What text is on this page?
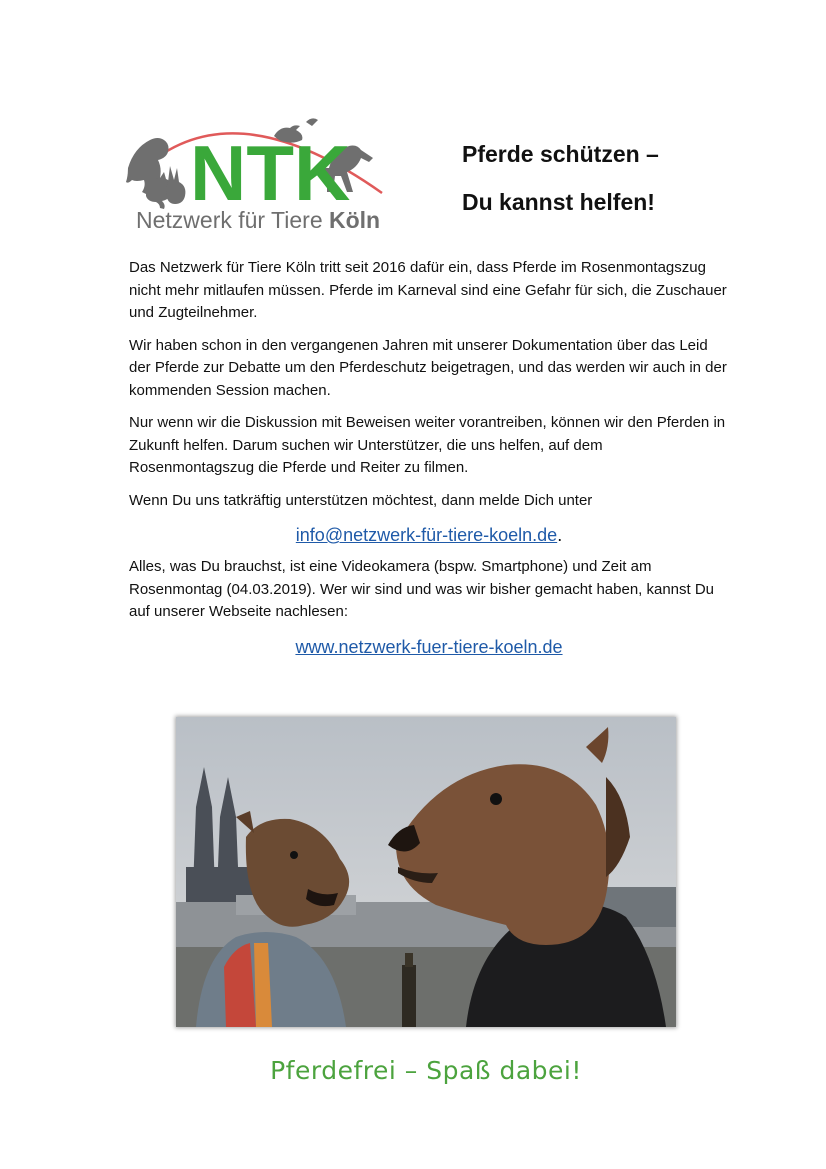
NTK
Netzwerk für Tiere Köln
Pferde schützen –
Du kannst helfen!

Das Netzwerk für Tiere Köln tritt seit 2016 dafür ein, dass Pferde im Rosenmontagszug nicht mehr mitlaufen müssen. Pferde im Karneval sind eine Gefahr für sich, die Zuschauer und Zugteilnehmer.

Wir haben schon in den vergangenen Jahren mit unserer Dokumentation über das Leid der Pferde zur Debatte um den Pferdeschutz beigetragen, und das werden wir auch in der kommenden Session machen.

Nur wenn wir die Diskussion mit Beweisen weiter vorantreiben, können wir den Pferden in Zukunft helfen. Darum suchen wir Unterstützer, die uns helfen, auf dem Rosenmontagszug die Pferde und Reiter zu filmen.

Wenn Du uns tatkräftig unterstützen möchtest, dann melde Dich unter

info@netzwerk-für-tiere-koeln.de.

Alles, was Du brauchst, ist eine Videokamera (bspw. Smartphone) und Zeit am Rosenmontag (04.03.2019). Wer wir sind und was wir bisher gemacht haben, kannst Du auf unserer Webseite nachlesen:

www.netzwerk-fuer-tiere-koeln.de
Pferdefrei – Spaß dabei!
